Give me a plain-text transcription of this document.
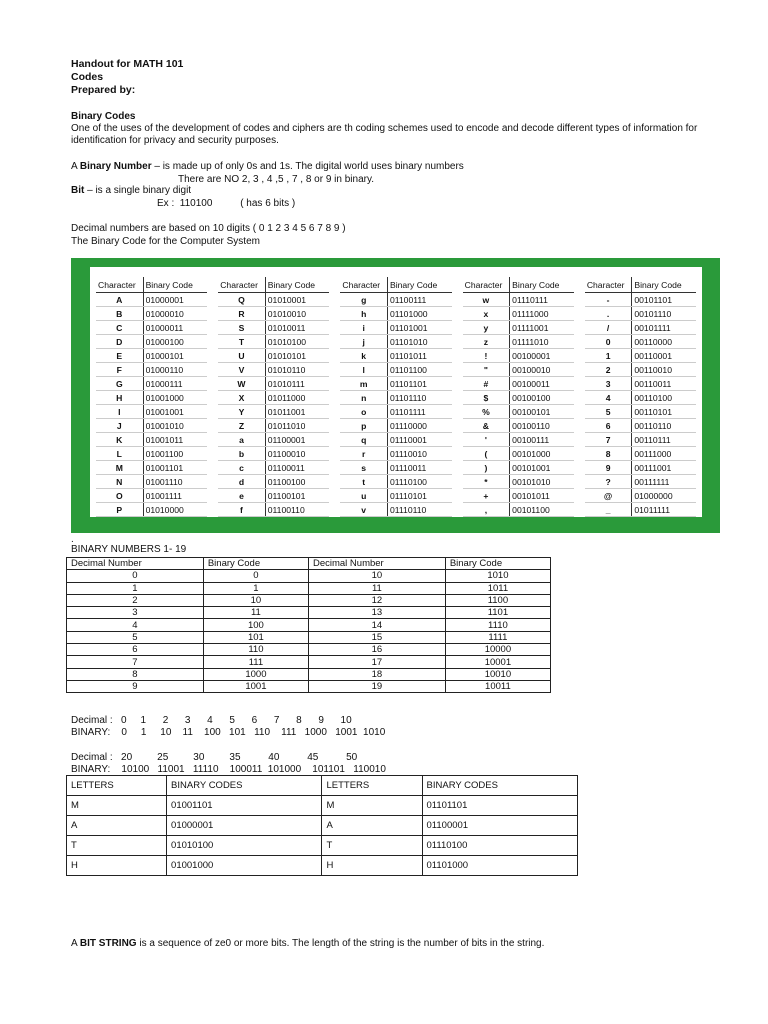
Handout for MATH 101
Codes
Prepared by:

Binary Codes

One of the uses of the development of codes and ciphers are th coding schemes used to encode and decode different types of information for identification for privacy and security purposes.

A Binary Number – is made up of only 0s and 1s. The digital world uses binary numbers

There are NO 2, 3 , 4 ,5 , 7 , 8 or 9 in binary.

Bit – is a single binary digit

Ex :  110100          ( has 6 bits )

Decimal numbers are based on 10 digits ( 0 1 2 3 4 5 6 7 8 9 )

The Binary Code for the Computer System

Character	Binary Code
A	01000001
B	01000010
C	01000011
D	01000100
E	01000101
F	01000110
G	01000111
H	01001000
I	01001001
J	01001010
K	01001011
L	01001100
M	01001101
N	01001110
O	01001111
P	01010000
Character	Binary Code
Q	01010001
R	01010010
S	01010011
T	01010100
U	01010101
V	01010110
W	01010111
X	01011000
Y	01011001
Z	01011010
a	01100001
b	01100010
c	01100011
d	01100100
e	01100101
f	01100110
Character	Binary Code
g	01100111
h	01101000
i	01101001
j	01101010
k	01101011
l	01101100
m	01101101
n	01101110
o	01101111
p	01110000
q	01110001
r	01110010
s	01110011
t	01110100
u	01110101
v	01110110
Character	Binary Code
w	01110111
x	01111000
y	01111001
z	01111010
!	00100001
"	00100010
#	00100011
$	00100100
%	00100101
&	00100110
'	00100111
(	00101000
)	00101001
*	00101010
+	00101011
,	00101100
Character	Binary Code
-	00101101
.	00101110
/	00101111
0	00110000
1	00110001
2	00110010
3	00110011
4	00110100
5	00110101
6	00110110
7	00110111
8	00111000
9	00111001
?	00111111
@	01000000
_	01011111

.

BINARY NUMBERS 1- 19

Decimal Number	Binary Code	Decimal Number	Binary Code
0	0	10	1010
1	1	11	1011
2	10	12	1100
3	11	13	1101
4	100	14	1110
5	101	15	1111
6	110	16	10000
7	111	17	10001
8	1000	18	10010
9	1001	19	10011
Decimal :   0     1      2      3      4      5      6      7      8      9      10
BINARY:    0     1     10    11    100   101   110    111   1000   1001  1010
Decimal :   20         25         30         35          40          45          50
BINARY:    10100   11001   11110    100011  101000    101101   110010
LETTERS	BINARY CODES	LETTERS	BINARY CODES
M	01001101	M	01101101
A	01000001	A	01100001
T	01010100	T	01110100
H	01001000	H	01101000

A BIT STRING is a sequence of ze0 or more bits. The length of the string is the number of bits in the string.
